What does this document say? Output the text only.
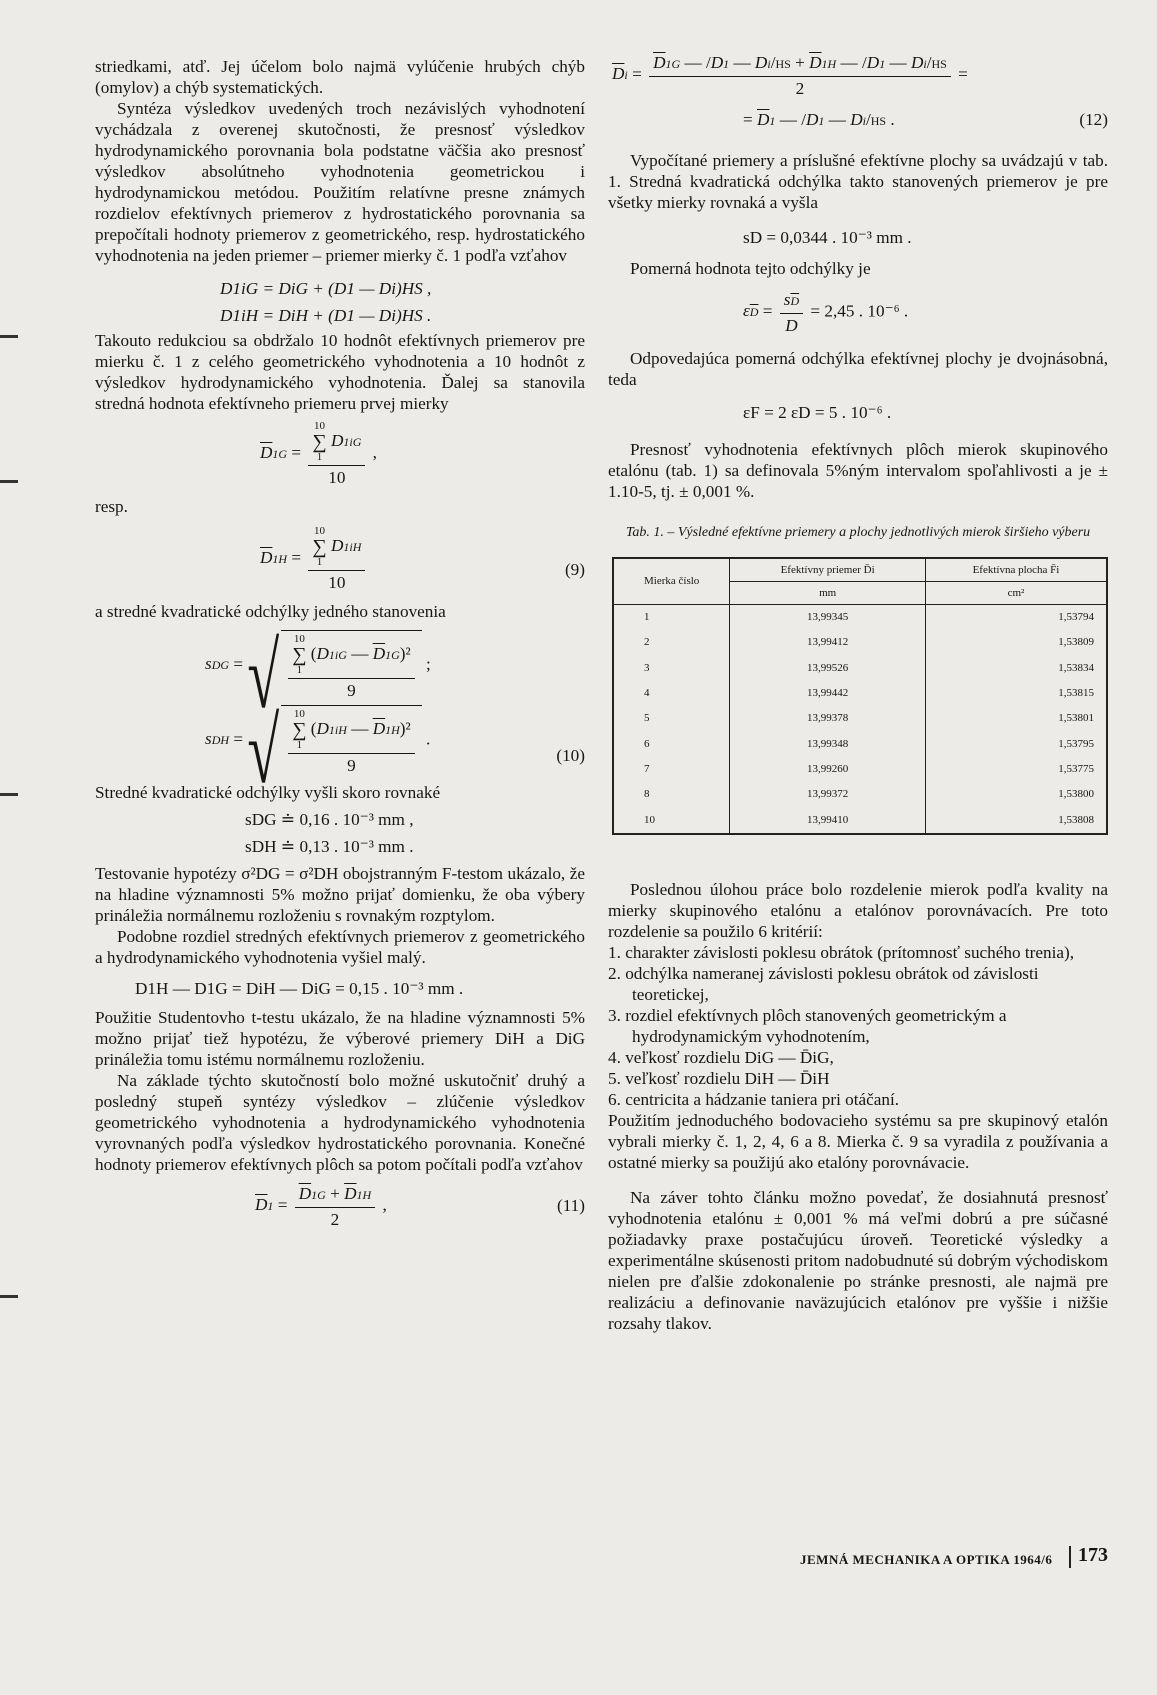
striedkami, atď. Jej účelom bolo najmä vylúčenie hrubých chýb (omylov) a chýb systematických.

Syntéza výsledkov uvedených troch nezávislých vyhodnotení vychádzala z overenej skutočnosti, že presnosť výsledkov hydrodynamického porovnania bola podstatne väčšia ako presnosť výsledkov absolútneho vyhodnotenia geometrickou i hydrodynamickou metódou. Použitím relatívne presne známych rozdielov efektívnych priemerov z hydrostatického porovnania sa prepočítali hodnoty priemerov z geometrického, resp. hydrostatického vyhodnotenia na jeden priemer – priemer mierky č. 1 podľa vzťahov

D1iG = DiG + (D1 — Di)HS ,
D1iH = DiH + (D1 — Di)HS .

Takouto redukciou sa obdržalo 10 hodnôt efektívnych priemerov pre mierku č. 1 z celého geometrického vyhodnotenia a 10 hodnôt z výsledkov hydrodynamického vyhodnotenia. Ďalej sa stanovila stredná hodnota efektívneho priemeru prvej mierky

$\overline{D}1G = 10$
∑
1
D1iG
10 ,
resp.
$\overline{D}1H = 10$
∑
1
D1iH
10	(9)

a stredné kvadratické odchýlky jedného stanovenia

sDG = √ 10
∑
1
(D1iG — $\overline{D}1G)^2$
9 ;
sDH = √ 10
∑
1
(D1iH — $\overline{D}1H)^2$
9 .
(10)

Stredné kvadratické odchýlky vyšli skoro rovnaké

sDG ≐ 0,16 . 10⁻³ mm ,
sDH ≐ 0,13 . 10⁻³ mm .

Testovanie hypotézy σ²DG = σ²DH obojstranným F-testom ukázalo, že na hladine významnosti 5% možno prijať domienku, že oba výbery prináležia normálnemu rozloženiu s rovnakým rozptylom.

Podobne rozdiel stredných efektívnych priemerov z geometrického a hydrodynamického vyhodnotenia vyšiel malý.

D1H — D1G = DiH — DiG = 0,15 . 10⁻³ mm .

Použitie Studentovho t-testu ukázalo, že na hladine významnosti 5% možno prijať tiež hypotézu, že výberové priemery DiH a DiG prináležia tomu istému normálnemu rozloženiu.

Na základe týchto skutočností bolo možné uskutočniť druhý a posledný stupeň syntézy výsledkov – zlúčenie výsledkov geometrického vyhodnotenia a hydrodynamického vyhodnotenia vyrovnaných podľa výsledkov hydrostatického porovnania. Konečné hodnoty priemerov efektívnych plôch sa potom počítali podľa vzťahov

$\overline{D}1 = \frac{\overline{D}1G + \overline{D}1H}{2}$ ,	(11)
$\overline{D}i = \frac{\overline{D}1G — /D1 — Di/HS + \overline{D}1H — /D1 — Di/HS}{2}$ =
= $\overline{D}1$ — /D1 — Di/HS .	(12)

Vypočítané priemery a príslušné efektívne plochy sa uvádzajú v tab. 1. Stredná kvadratická odchýlka takto stanovených priemerov je pre všetky mierky rovnaká a vyšla

sD = 0,0344 . 10⁻³ mm .

Pomerná hodnota tejto odchýlky je

$\varepsilon\overline{D} = \frac{s\overline{D}}{D} = 2,45$ . 10⁻⁶ .

Odpovedajúca pomerná odchýlka efektívnej plochy je dvojnásobná, teda

εF = 2 εD = 5 . 10⁻⁶ .

Presnosť vyhodnotenia efektívnych plôch mierok skupinového etalónu (tab. 1) sa definovala 5%ným intervalom spoľahlivosti a je ± 1.10-5, tj. ± 0,001 %.

Tab. 1. – Výsledné efektívne priemery a plochy jednotlivých mierok širšieho výberu
Mierka číslo	Efektívny priemer D̄i	Efektívna plocha F̄i
	mm	cm²
1	13,99345	1,53794
2	13,99412	1,53809
3	13,99526	1,53834
4	13,99442	1,53815
5	13,99378	1,53801
6	13,99348	1,53795
7	13,99260	1,53775
8	13,99372	1,53800
10	13,99410	1,53808

Poslednou úlohou práce bolo rozdelenie mierok podľa kvality na mierky skupinového etalónu a etalónov porovnávacích. Pre toto rozdelenie sa použilo 6 kritérií:

1. charakter závislosti poklesu obrátok (prítomnosť suchého trenia),
2. odchýlka nameranej závislosti poklesu obrátok od závislosti teoretickej,
3. rozdiel efektívnych plôch stanovených geometrickým a hydrodynamickým vyhodnotením,
4. veľkosť rozdielu DiG — D̄iG,
5. veľkosť rozdielu DiH — D̄iH
6. centricita a hádzanie taniera pri otáčaní.

Použitím jednoduchého bodovacieho systému sa pre skupinový etalón vybrali mierky č. 1, 2, 4, 6 a 8. Mierka č. 9 sa vyradila z používania a ostatné mierky sa použijú ako etalóny porovnávacie.

Na záver tohto článku možno povedať, že dosiahnutá presnosť vyhodnotenia etalónu ± 0,001 % má veľmi dobrú a pre súčasné požiadavky praxe postačujúcu úroveň. Teoretické výsledky a experimentálne skúsenosti pritom nadobudnuté sú dobrým východiskom nielen pre ďalšie zdokonalenie po stránke presnosti, ale najmä pre realizáciu a definovanie naväzujúcich etalónov pre vyššie i nižšie rozsahy tlakov.

JEMNÁ MECHANIKA A OPTIKA 1964/6 173
